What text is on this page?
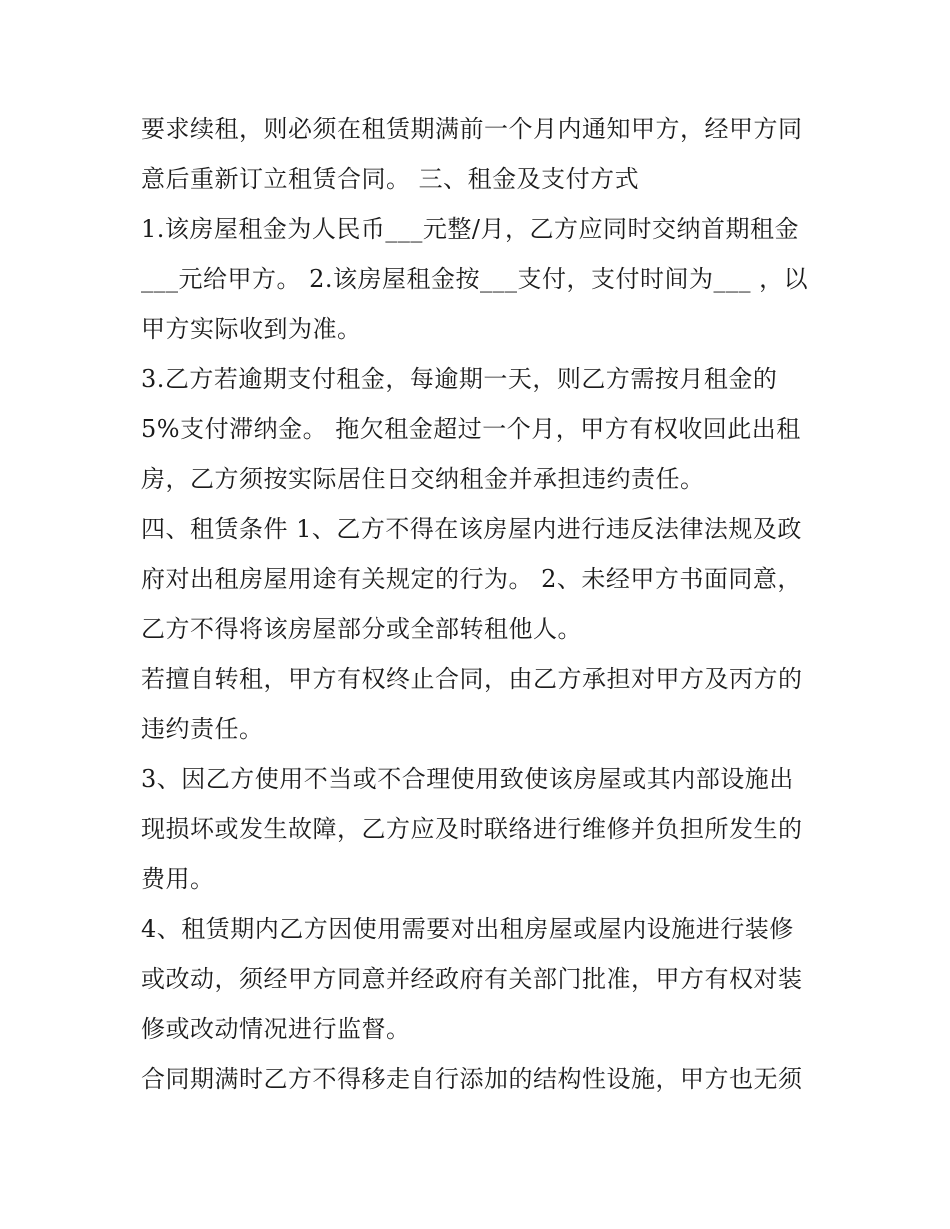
要求续租，则必须在租赁期满前一个月内通知甲方，经甲方同
意后重新订立租赁合同。 三、租金及支付方式
1.该房屋租金为人民币___元整/月，乙方应同时交纳首期租金
___元给甲方。 2.该房屋租金按___支付，支付时间为___ ，以
甲方实际收到为准。
3.乙方若逾期支付租金，每逾期一天，则乙方需按月租金的
5%支付滞纳金。 拖欠租金超过一个月，甲方有权收回此出租
房，乙方须按实际居住日交纳租金并承担违约责任。
四、租赁条件 1、乙方不得在该房屋内进行违反法律法规及政
府对出租房屋用途有关规定的行为。 2、未经甲方书面同意，
乙方不得将该房屋部分或全部转租他人。
若擅自转租，甲方有权终止合同，由乙方承担对甲方及丙方的
违约责任。
3、因乙方使用不当或不合理使用致使该房屋或其内部设施出
现损坏或发生故障，乙方应及时联络进行维修并负担所发生的
费用。
4、租赁期内乙方因使用需要对出租房屋或屋内设施进行装修
或改动，须经甲方同意并经政府有关部门批准，甲方有权对装
修或改动情况进行监督。
合同期满时乙方不得移走自行添加的结构性设施，甲方也无须
